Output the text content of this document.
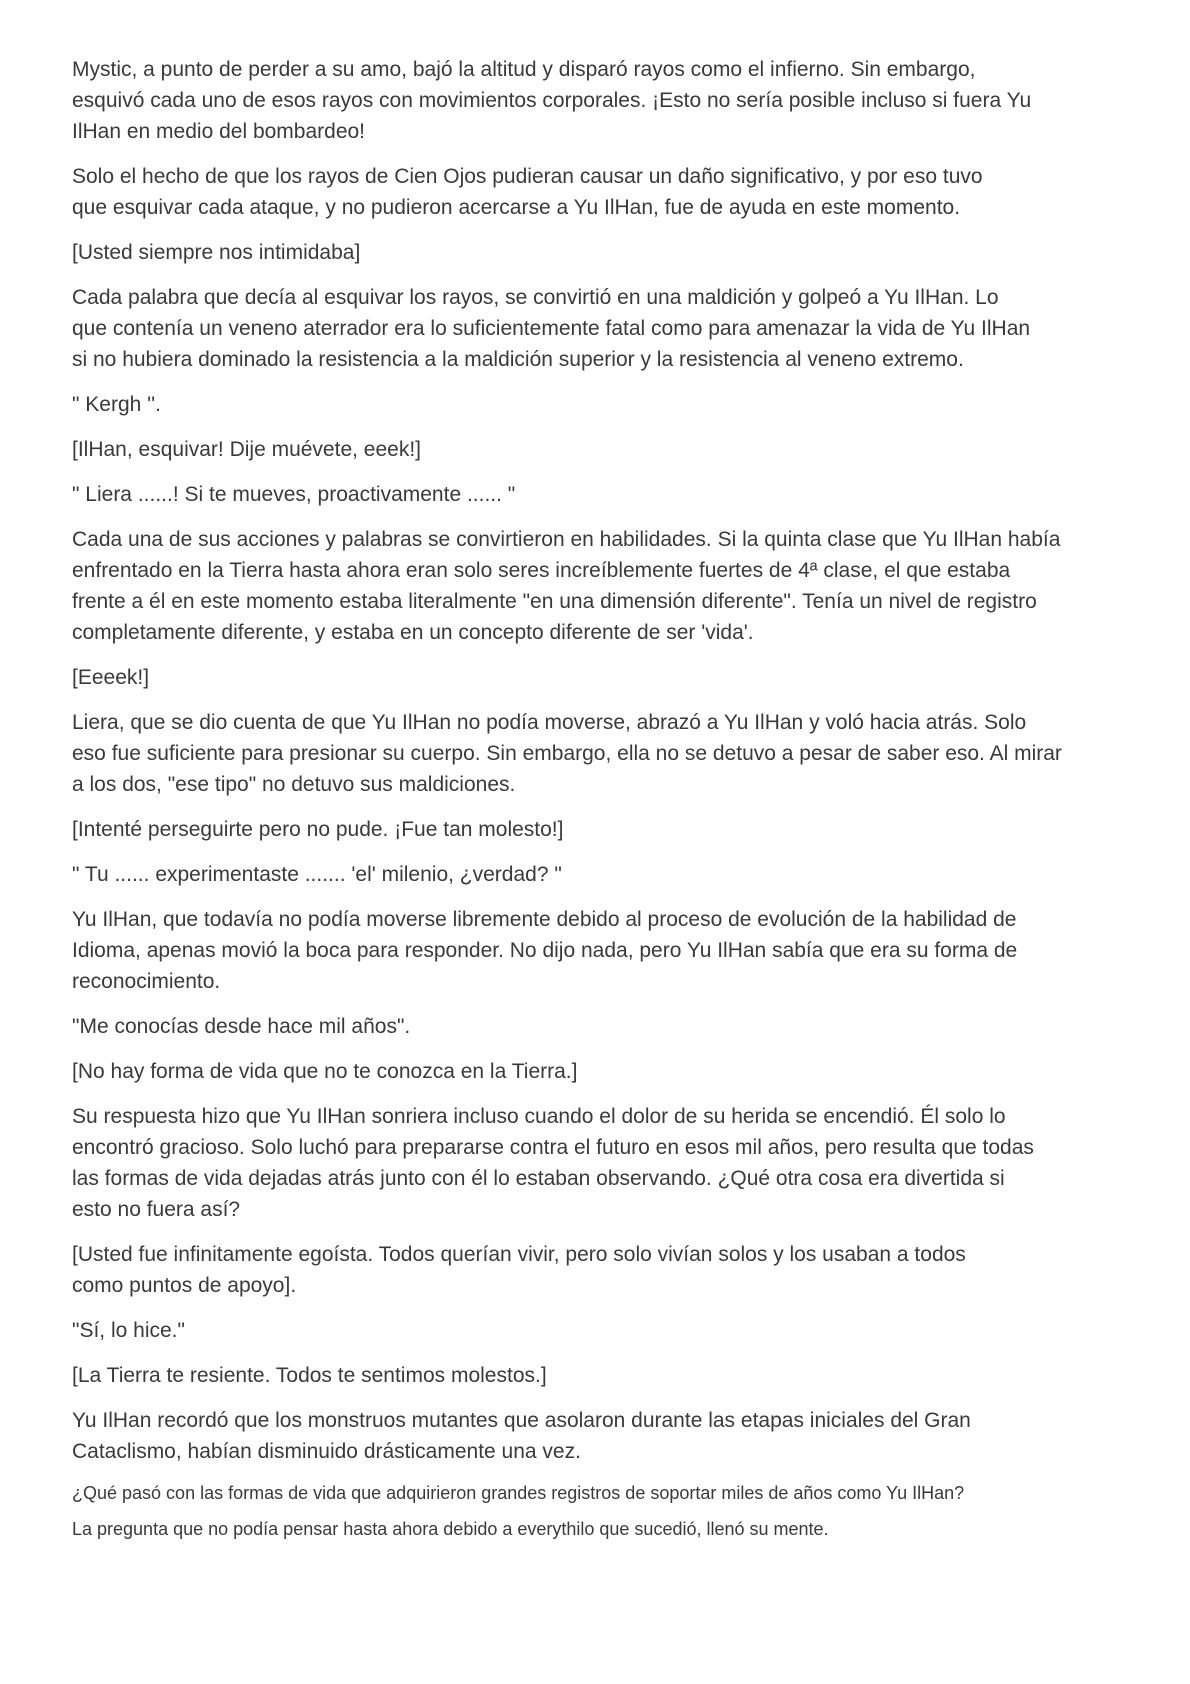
Mystic, a punto de perder a su amo, bajó la altitud y disparó rayos como el infierno. Sin embargo,
esquivó cada uno de esos rayos con movimientos corporales. ¡Esto no sería posible incluso si fuera Yu
IlHan en medio del bombardeo!

Solo el hecho de que los rayos de Cien Ojos pudieran causar un daño significativo, y por eso tuvo
que esquivar cada ataque, y no pudieron acercarse a Yu IlHan, fue de ayuda en este momento.

[Usted siempre nos intimidaba]

Cada palabra que decía al esquivar los rayos, se convirtió en una maldición y golpeó a Yu IlHan. Lo
que contenía un veneno aterrador era lo suficientemente fatal como para amenazar la vida de Yu IlHan
si no hubiera dominado la resistencia a la maldición superior y la resistencia al veneno extremo.

" Kergh ''.

[IlHan, esquivar! Dije muévete, eeek!]

" Liera ......! Si te mueves, proactivamente ...... "

Cada una de sus acciones y palabras se convirtieron en habilidades. Si la quinta clase que Yu IlHan había
enfrentado en la Tierra hasta ahora eran solo seres increíblemente fuertes de 4ª clase, el que estaba
frente a él en este momento estaba literalmente "en una dimensión diferente". Tenía un nivel de registro
completamente diferente, y estaba en un concepto diferente de ser 'vida'.

[Eeeek!]

Liera, que se dio cuenta de que Yu IlHan no podía moverse, abrazó a Yu IlHan y voló hacia atrás. Solo
eso fue suficiente para presionar su cuerpo. Sin embargo, ella no se detuvo a pesar de saber eso. Al mirar
a los dos, "ese tipo" no detuvo sus maldiciones.

[Intenté perseguirte pero no pude. ¡Fue tan molesto!]

" Tu ...... experimentaste ....... 'el' milenio, ¿verdad? "

Yu IlHan, que todavía no podía moverse libremente debido al proceso de evolución de la habilidad de
Idioma, apenas movió la boca para responder. No dijo nada, pero Yu IlHan sabía que era su forma de
reconocimiento.

"Me conocías desde hace mil años".

[No hay forma de vida que no te conozca en la Tierra.]

Su respuesta hizo que Yu IlHan sonriera incluso cuando el dolor de su herida se encendió. Él solo lo
encontró gracioso. Solo luchó para prepararse contra el futuro en esos mil años, pero resulta que todas
las formas de vida dejadas atrás junto con él lo estaban observando. ¿Qué otra cosa era divertida si
esto no fuera así?

[Usted fue infinitamente egoísta. Todos querían vivir, pero solo vivían solos y los usaban a todos
como puntos de apoyo].

"Sí, lo hice."

[La Tierra te resiente. Todos te sentimos molestos.]

Yu IlHan recordó que los monstruos mutantes que asolaron durante las etapas iniciales del Gran
Cataclismo, habían disminuido drásticamente una vez.

¿Qué pasó con las formas de vida que adquirieron grandes registros de soportar miles de años como Yu IlHan?

La pregunta que no podía pensar hasta ahora debido a everythilo que sucedió, llenó su mente.
